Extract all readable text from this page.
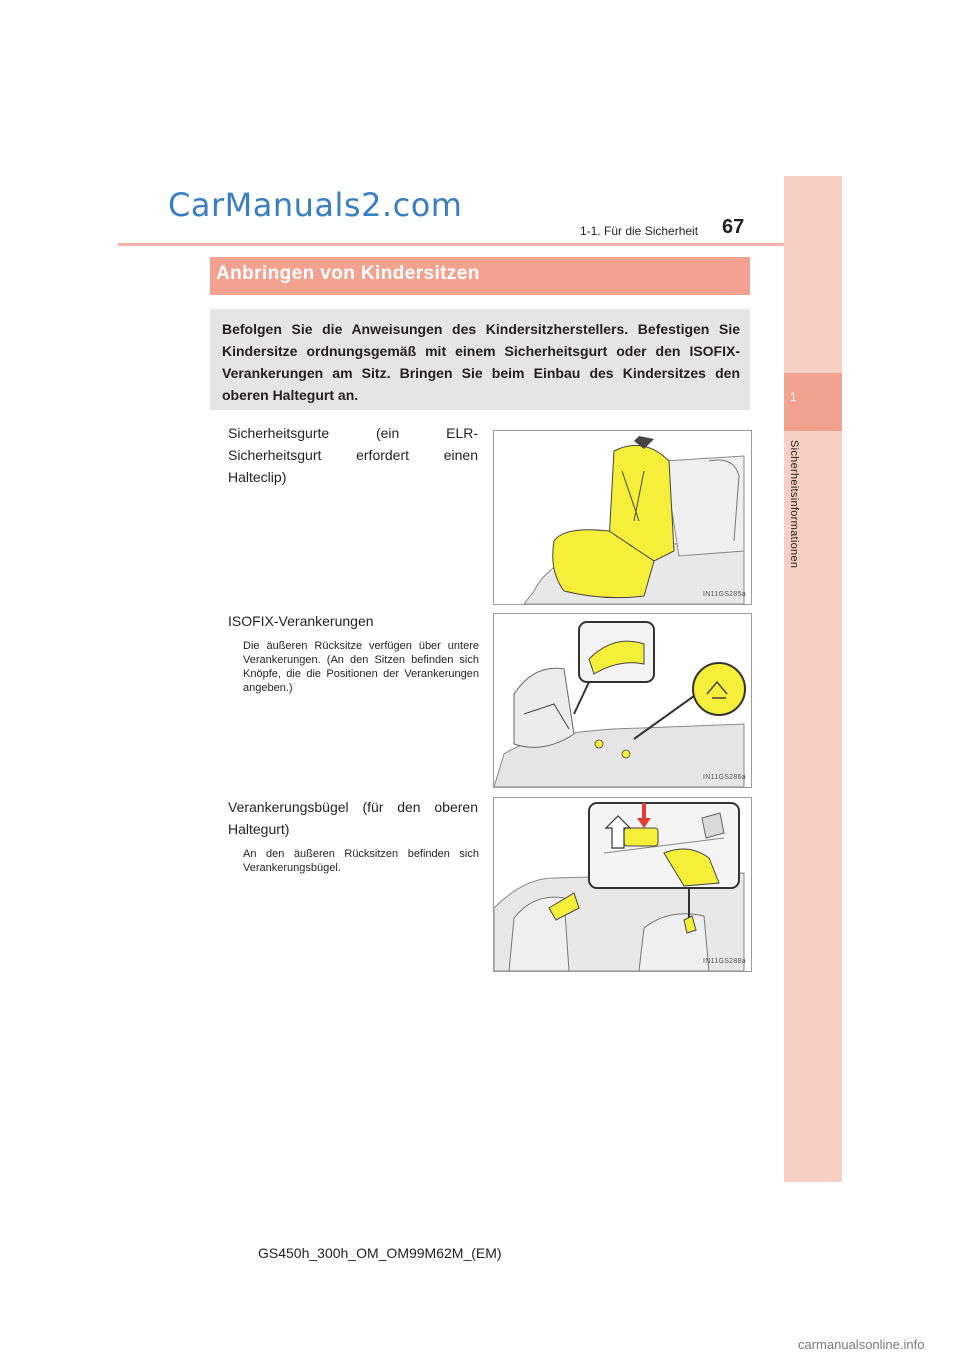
CarManuals2.com
1-1. Für die Sicherheit 67
1
Sicherheitsinformationen
Anbringen von Kindersitzen
Befolgen Sie die Anweisungen des Kindersitzherstellers. Befestigen Sie Kindersitze ordnungsgemäß mit einem Sicherheitsgurt oder den ISOFIX-Verankerungen am Sitz. Bringen Sie beim Einbau des Kindersitzes den oberen Haltegurt an.
Sicherheitsgurte (ein ELR-Sicherheitsgurt erfordert einen Halteclip)
IN11GS285a
ISOFIX-Verankerungen
Die äußeren Rücksitze verfügen über untere Verankerungen. (An den Sitzen befinden sich Knöpfe, die die Positionen der Verankerungen angeben.)
IN11GS286a
Verankerungsbügel (für den oberen Haltegurt)
An den äußeren Rücksitzen befinden sich Verankerungsbügel.
IN11GS288a
GS450h_300h_OM_OM99M62M_(EM)
carmanualsonline.info
